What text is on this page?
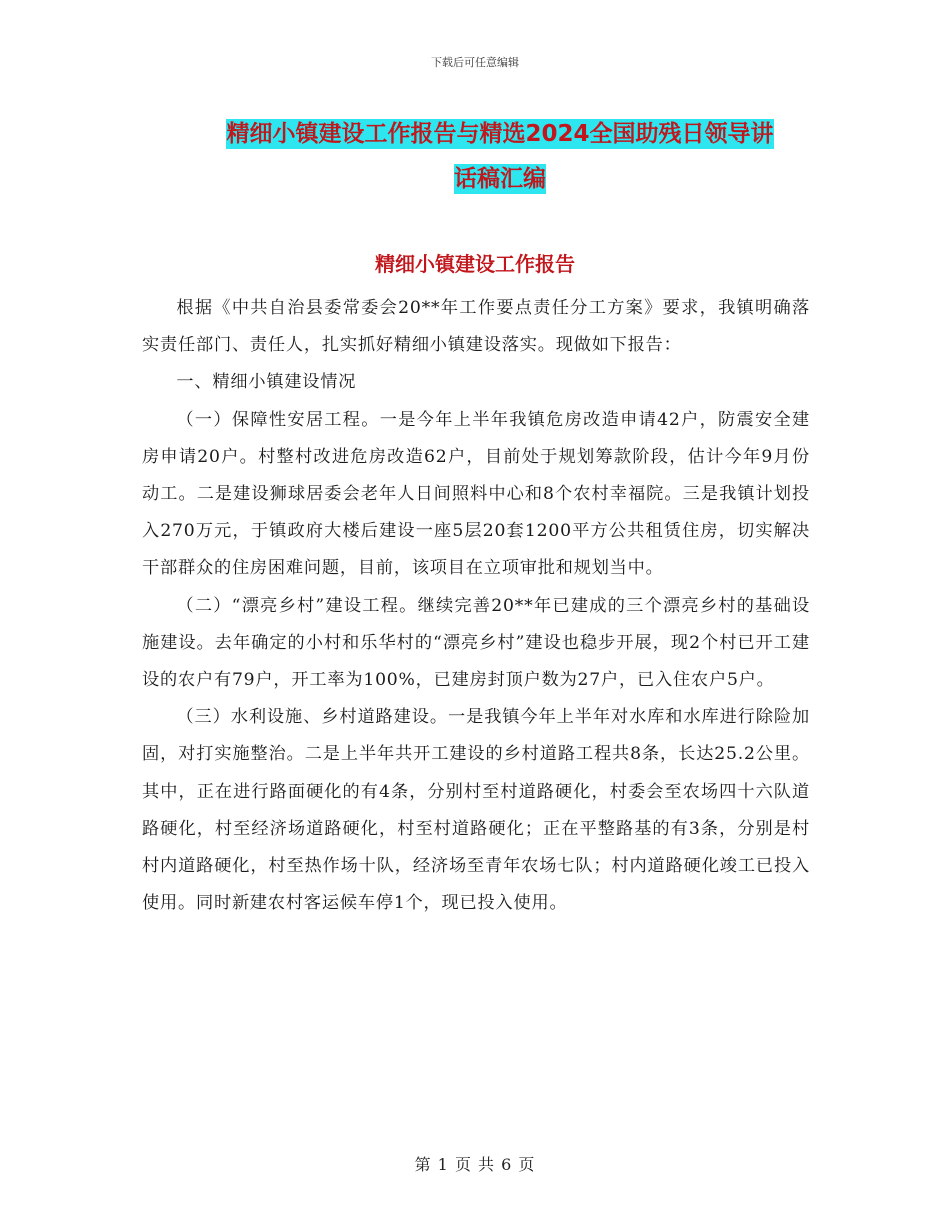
下载后可任意编辑
精细小镇建设工作报告与精选2024全国助残日领导讲
话稿汇编
精细小镇建设工作报告

根据《中共自治县委常委会20**年工作要点责任分工方案》要求，我镇明确落实责任部门、责任人，扎实抓好精细小镇建设落实。现做如下报告：

一、精细小镇建设情况

（一）保障性安居工程。一是今年上半年我镇危房改造申请42户，防震安全建房申请20户。村整村改进危房改造62户，目前处于规划筹款阶段，估计今年9月份动工。二是建设狮球居委会老年人日间照料中心和8个农村幸福院。三是我镇计划投入270万元，于镇政府大楼后建设一座5层20套1200平方公共租赁住房，切实解决干部群众的住房困难问题，目前，该项目在立项审批和规划当中。

（二）“漂亮乡村”建设工程。继续完善20**年已建成的三个漂亮乡村的基础设施建设。去年确定的小村和乐华村的“漂亮乡村”建设也稳步开展，现2个村已开工建设的农户有79户，开工率为100%，已建房封顶户数为27户，已入住农户5户。

（三）水利设施、乡村道路建设。一是我镇今年上半年对水库和水库进行除险加固，对打实施整治。二是上半年共开工建设的乡村道路工程共8条，长达25.2公里。其中，正在进行路面硬化的有4条，分别村至村道路硬化，村委会至农场四十六队道路硬化，村至经济场道路硬化，村至村道路硬化；正在平整路基的有3条，分别是村村内道路硬化，村至热作场十队，经济场至青年农场七队；村内道路硬化竣工已投入使用。同时新建农村客运候车停1个，现已投入使用。

第 1 页 共 6 页
